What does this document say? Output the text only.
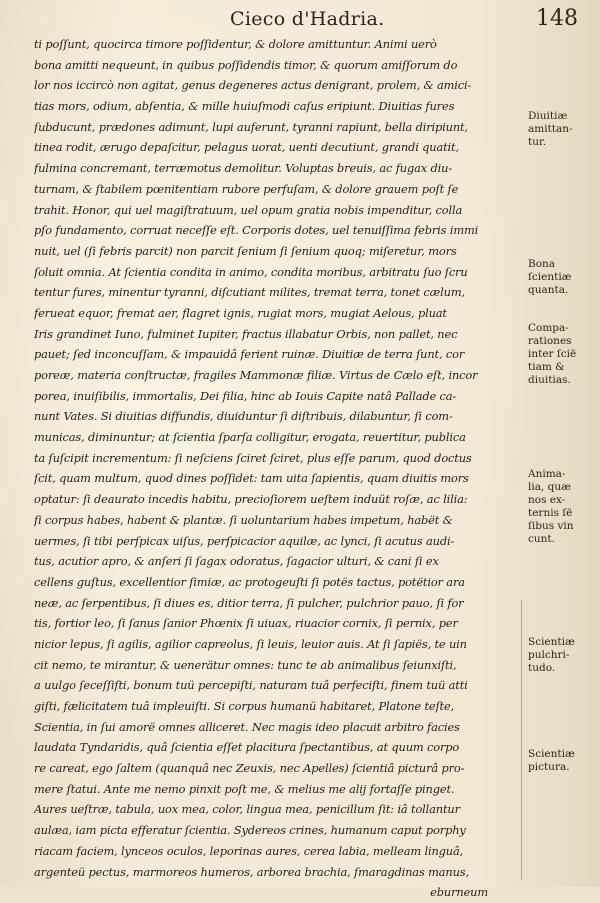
Cieco d'Hadria.	148
ti poſſunt, quocirca timore poſſidentur, & dolore amittuntur. Animi uerò
bona amitti nequeunt, in quibus poſſidendis timor, & quorum amiſſorum do
lor nos iccircò non agitat, genus degeneres actus denigrant, prolem, & amici-
tias mors, odium, abſentia, & mille huiuſmodi caſus eripiunt. Diuitias fures
ſubducunt, prædones adimunt, lupi auferunt, tyranni rapiunt, bella diripiunt,
tinea rodit, ærugo depaſcitur, pelagus uorat, uenti decutiunt, grandi quatit,
fulmina concremant, terræmotus demolitur. Voluptas breuis, ac fugax diu-
turnam, & ſtabilem pœnitentiam rubore perfuſam, & dolore grauem poſt ſe
trahit. Honor, qui uel magiſtratuum, uel opum gratia nobis impenditur, colla
pſo fundamento, corruat neceſſe eſt. Corporis dotes, uel tenuiſſima febris immi
nuit, uel (ſi febris parcit) non parcit ſenium ſi ſenium quoq; miſeretur, mors
ſoluit omnia. At ſcientia condita in animo, condita moribus, arbitratu ſuo ſcru
tentur fures, minentur tyranni, diſcutiant milites, tremat terra, tonet cælum,
ferueat equor, fremat aer, flagret ignis, rugiat mors, mugiat Aelous, pluat
Iris grandinet Iuno, fulminet Iupiter, fractus illabatur Orbis, non pallet, nec
pauet; ſed inconcuſſam, & impauidâ ferient ruinæ. Diuitiæ de terra ſunt, cor
poreæ, materia conſtructæ, fragiles Mammonæ filiæ. Virtus de Cælo eſt, incor
porea, inuiſibilis, immortalis, Dei filia, hinc ab Iouis Capite natâ Pallade ca-
nunt Vates. Si diuitias diffundis, diuiduntur ſi diſtribuis, dilabuntur, ſi com-
municas, diminuntur; at ſcientia ſparſa colligitur, erogata, reuertitur, publica
ta ſuſcipit incrementum: ſi neſciens ſciret ſciret, plus eſſe parum, quod doctus
ſcit, quam multum, quod dines poſſidet: tam uita ſapientis, quam diuitis mors
optatur: ſi deaurato incedis habitu, precioſiorem ueſtem induüt roſæ, ac lilia:
ſi corpus habes, habent & plantæ. ſi uoluntarium habes impetum, habët &
uermes, ſi tibi perſpicax uiſus, perſpicacior aquilæ, ac lynci, ſi acutus audi-
tus, acutior apro, & anſeri ſi ſagax odoratus, ſagacior ulturi, & cani ſi ex
cellens guſtus, excellentior ſimiæ, ac protogeuſti ſi potës tactus, potëtior ara
neæ, ac ſerpentibus, ſi diues es, ditior terra, ſi pulcher, pulchrior pauo, ſi for
tis, fortior leo, ſi ſanus ſanior Phœnix ſi uiuax, riuacior cornix, ſi pernix, per
nicior lepus, ſi agilis, agilior capreolus, ſi leuis, leuior auis. At ſi ſapiës, te uin
cit nemo, te mirantur, & uenerätur omnes: tunc te ab animalibus ſeiunxiſti,
a uulgo ſeceſſiſti, bonum tuü percepiſti, naturam tuâ perfeciſti, finem tuü atti
giſti, fælicitatem tuâ impleuiſti. Si corpus humanü habitaret, Platone teſte,
Scientia, in ſui amorë omnes alliceret. Nec magis ideo placuit arbitro facies
laudata Tyndaridis, quâ ſcientia eſſet placitura ſpectantibus, at quum corpo
re careat, ego ſaltem (quanquâ nec Zeuxis, nec Apelles) ſcientiâ picturâ pro-
mere ſtatui. Ante me nemo pinxit poſt me, & melius me alij fortaſſe pinget.
Aures ueſtræ, tabula, uox mea, color, lingua mea, penicillum ſit: iâ tollantur
aulæa, iam picta efferatur ſcientia. Sydereos crines, humanum caput porphy
riacam faciem, lynceos oculos, leporinas aures, cerea labia, melleam linguâ,
argenteü pectus, marmoreos humeros, arborea brachia, ſmaragdinas manus,
eburneum
Diuitiæ
amittan-
tur.
Bona
ſcientiæ
quanta.
Compa-
rationes
inter ſcië
tiam &
diuitias.
Anima-
lia, quæ
nos ex-
ternis ſë
ſibus vin
cunt.
Scientiæ
pulchri-
tudo.
Scientiæ
pictura.
